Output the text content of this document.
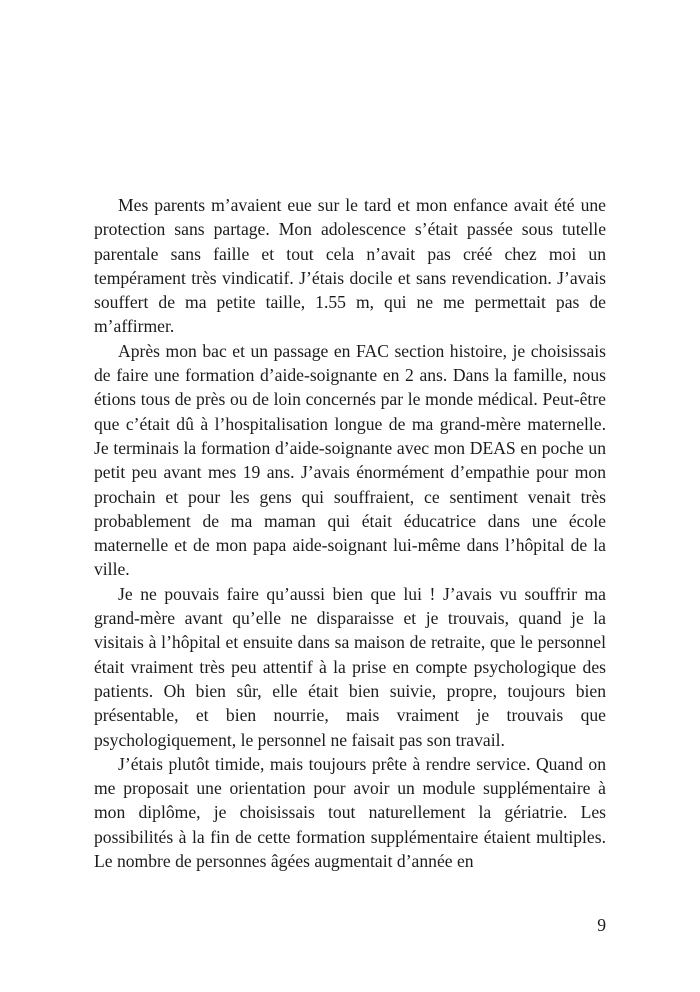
Mes parents m’avaient eue sur le tard et mon enfance avait été une protection sans partage. Mon adolescence s’était passée sous tutelle parentale sans faille et tout cela n’avait pas créé chez moi un tempérament très vindicatif. J’étais docile et sans revendication. J’avais souffert de ma petite taille, 1.55 m, qui ne me permettait pas de m’affirmer.

Après mon bac et un passage en FAC section histoire, je choisissais de faire une formation d’aide-soignante en 2 ans. Dans la famille, nous étions tous de près ou de loin concernés par le monde médical. Peut-être que c’était dû à l’hospitalisation longue de ma grand-mère maternelle. Je terminais la formation d’aide-soignante avec mon DEAS en poche un petit peu avant mes 19 ans. J’avais énormément d’empathie pour mon prochain et pour les gens qui souffraient, ce sentiment venait très probablement de ma maman qui était éducatrice dans une école maternelle et de mon papa aide-soignant lui-même dans l’hôpital de la ville.

Je ne pouvais faire qu’aussi bien que lui ! J’avais vu souffrir ma grand-mère avant qu’elle ne disparaisse et je trouvais, quand je la visitais à l’hôpital et ensuite dans sa maison de retraite, que le personnel était vraiment très peu attentif à la prise en compte psychologique des patients. Oh bien sûr, elle était bien suivie, propre, toujours bien présentable, et bien nourrie, mais vraiment je trouvais que psychologiquement, le personnel ne faisait pas son travail.

J’étais plutôt timide, mais toujours prête à rendre service. Quand on me proposait une orientation pour avoir un module supplémentaire à mon diplôme, je choisissais tout naturellement la gériatrie. Les possibilités à la fin de cette formation supplémentaire étaient multiples. Le nombre de personnes âgées augmentait d’année en

9
